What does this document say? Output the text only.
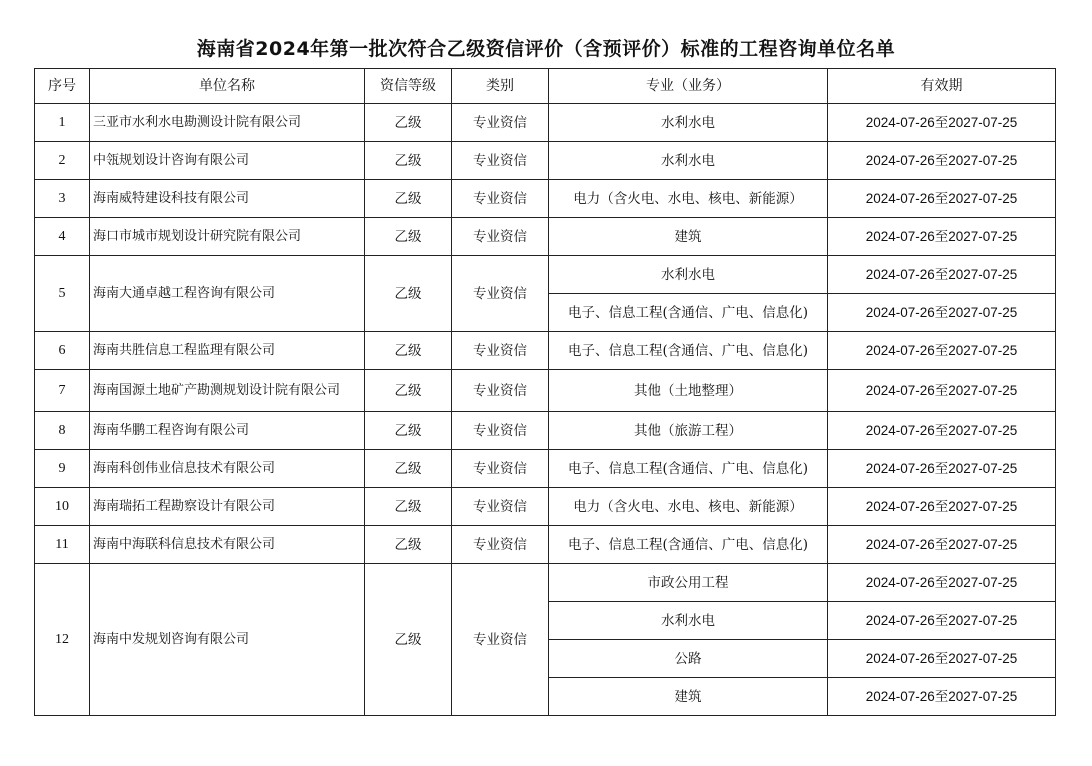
海南省2024年第一批次符合乙级资信评价（含预评价）标准的工程咨询单位名单
序号	单位名称	资信等级	类别	专业（业务）	有效期
1	三亚市水利水电勘测设计院有限公司	乙级	专业资信	水利水电	2024-07-26至2027-07-25
2	中瓴规划设计咨询有限公司	乙级	专业资信	水利水电	2024-07-26至2027-07-25
3	海南威特建设科技有限公司	乙级	专业资信	电力（含火电、水电、核电、新能源）	2024-07-26至2027-07-25
4	海口市城市规划设计研究院有限公司	乙级	专业资信	建筑	2024-07-26至2027-07-25
5	海南大通卓越工程咨询有限公司	乙级	专业资信	水利水电	2024-07-26至2027-07-25
				电子、信息工程(含通信、广电、信息化)	2024-07-26至2027-07-25
6	海南共胜信息工程监理有限公司	乙级	专业资信	电子、信息工程(含通信、广电、信息化)	2024-07-26至2027-07-25
7	海南国源土地矿产勘测规划设计院有限公司	乙级	专业资信	其他（土地整理）	2024-07-26至2027-07-25
8	海南华鹏工程咨询有限公司	乙级	专业资信	其他（旅游工程）	2024-07-26至2027-07-25
9	海南科创伟业信息技术有限公司	乙级	专业资信	电子、信息工程(含通信、广电、信息化)	2024-07-26至2027-07-25
10	海南瑞拓工程勘察设计有限公司	乙级	专业资信	电力（含火电、水电、核电、新能源）	2024-07-26至2027-07-25
11	海南中海联科信息技术有限公司	乙级	专业资信	电子、信息工程(含通信、广电、信息化)	2024-07-26至2027-07-25
12	海南中发规划咨询有限公司	乙级	专业资信	市政公用工程	2024-07-26至2027-07-25
				水利水电	2024-07-26至2027-07-25
				公路	2024-07-26至2027-07-25
				建筑	2024-07-26至2027-07-25
